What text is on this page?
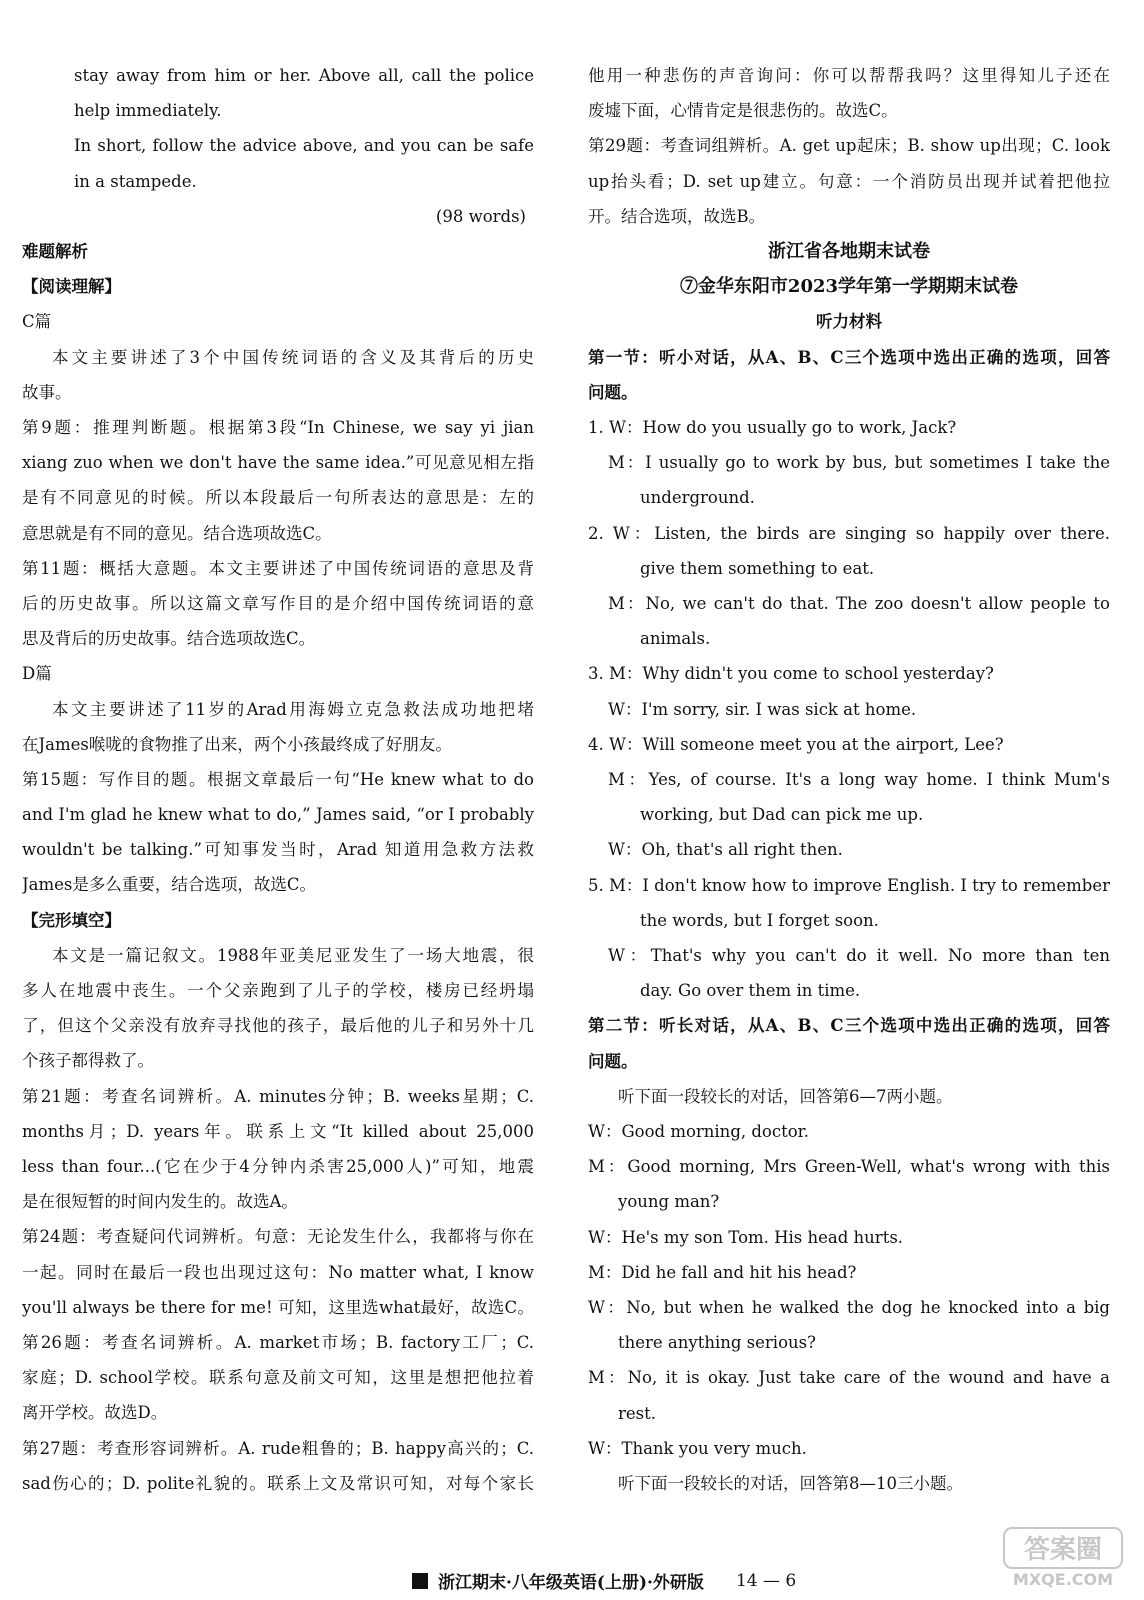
stay away from him or her. Above all, call the police
help immediately.
In short, follow the advice above, and you can be safe
in a stampede.
(98 words)
难题解析
【阅读理解】
C篇
本文主要讲述了3个中国传统词语的含义及其背后的历史
故事。
第9题：推理判断题。根据第3段“In Chinese, we say yi jian
xiang zuo when we don't have the same idea.”可见意见相左指
是有不同意见的时候。所以本段最后一句所表达的意思是：左的
意思就是有不同的意见。结合选项故选C。
第11题：概括大意题。本文主要讲述了中国传统词语的意思及背
后的历史故事。所以这篇文章写作目的是介绍中国传统词语的意
思及背后的历史故事。结合选项故选C。
D篇
本文主要讲述了11岁的Arad用海姆立克急救法成功地把堵
在James喉咙的食物推了出来，两个小孩最终成了好朋友。
第15题：写作目的题。根据文章最后一句“He knew what to do
and I'm glad he knew what to do,” James said, “or I probably
wouldn't be talking.”可知事发当时，Arad 知道用急救方法救
James是多么重要，结合选项，故选C。
【完形填空】
本文是一篇记叙文。1988年亚美尼亚发生了一场大地震，很
多人在地震中丧生。一个父亲跑到了儿子的学校，楼房已经坍塌
了，但这个父亲没有放弃寻找他的孩子，最后他的儿子和另外十几
个孩子都得救了。
第21题：考查名词辨析。A. minutes分钟；B. weeks星期；C.
months月；D. years年。联系上文“It killed about 25,000
less than four...(它在少于4分钟内杀害25,000人)”可知，地震
是在很短暂的时间内发生的。故选A。
第24题：考查疑问代词辨析。句意：无论发生什么，我都将与你在
一起。同时在最后一段也出现过这句：No matter what, I know
you'll always be there for me! 可知，这里选what最好，故选C。
第26题：考查名词辨析。A. market市场；B. factory工厂；C.
家庭；D. school学校。联系句意及前文可知，这里是想把他拉着
离开学校。故选D。
第27题：考查形容词辨析。A. rude粗鲁的；B. happy高兴的；C.
sad伤心的；D. polite礼貌的。联系上文及常识可知，对每个家长
他用一种悲伤的声音询问：你可以帮帮我吗？这里得知儿子还在
废墟下面，心情肯定是很悲伤的。故选C。
第29题：考查词组辨析。A. get up起床；B. show up出现；C. look
up抬头看；D. set up建立。句意：一个消防员出现并试着把他拉
开。结合选项，故选B。
浙江省各地期末试卷
⑦金华东阳市2023学年第一学期期末试卷
听力材料
第一节：听小对话，从A、B、C三个选项中选出正确的选项，回答
问题。
1. W：How do you usually go to work, Jack?
M：I usually go to work by bus, but sometimes I take the
underground.
2. W：Listen, the birds are singing so happily over there.
give them something to eat.
M：No, we can't do that. The zoo doesn't allow people to
animals.
3. M：Why didn't you come to school yesterday?
W：I'm sorry, sir. I was sick at home.
4. W：Will someone meet you at the airport, Lee?
M：Yes, of course. It's a long way home. I think Mum's
working, but Dad can pick me up.
W：Oh, that's all right then.
5. M：I don't know how to improve English. I try to remember
the words, but I forget soon.
W：That's why you can't do it well. No more than ten
day. Go over them in time.
第二节：听长对话，从A、B、C三个选项中选出正确的选项，回答
问题。
听下面一段较长的对话，回答第6—7两小题。
W：Good morning, doctor.
M：Good morning, Mrs Green-Well, what's wrong with this
young man?
W：He's my son Tom. His head hurts.
M：Did he fall and hit his head?
W：No, but when he walked the dog he knocked into a big
there anything serious?
M：No, it is okay. Just take care of the wound and have a
rest.
W：Thank you very much.
听下面一段较长的对话，回答第8—10三小题。
浙江期末·八年级英语(上册)·外研版 14 — 6
答案圈
MXQE.COM
